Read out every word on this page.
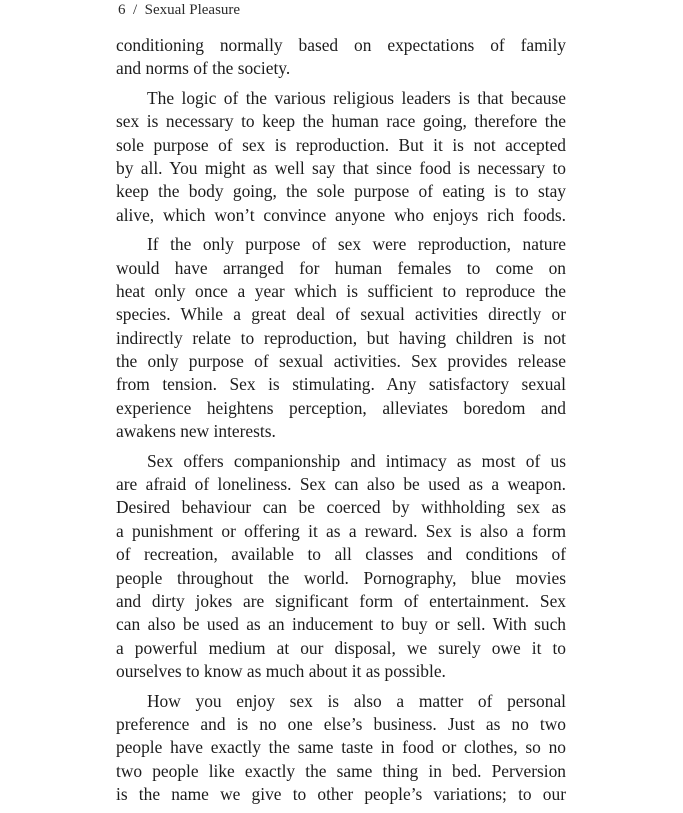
6  /  Sexual Pleasure
conditioning normally based on expectations of family
and norms of the society.
The logic of the various religious leaders is that because
sex is necessary to keep the human race going, therefore the
sole purpose of sex is reproduction. But it is not accepted
by all. You might as well say that since food is necessary to
keep the body going, the sole purpose of eating is to stay
alive, which won’t convince anyone who enjoys rich foods.
If the only purpose of sex were reproduction, nature
would have arranged for human females to come on
heat only once a year which is sufficient to reproduce the
species. While a great deal of sexual activities directly or
indirectly relate to reproduction, but having children is not
the only purpose of sexual activities. Sex provides release
from tension. Sex is stimulating. Any satisfactory sexual
experience heightens perception, alleviates boredom and
awakens new interests.
Sex offers companionship and intimacy as most of us
are afraid of loneliness. Sex can also be used as a weapon.
Desired behaviour can be coerced by withholding sex as
a punishment or offering it as a reward. Sex is also a form
of recreation, available to all classes and conditions of
people throughout the world. Pornography, blue movies
and dirty jokes are significant form of entertainment. Sex
can also be used as an inducement to buy or sell. With such
a powerful medium at our disposal, we surely owe it to
ourselves to know as much about it as possible.
How you enjoy sex is also a matter of personal
preference and is no one else’s business. Just as no two
people have exactly the same taste in food or clothes, so no
two people like exactly the same thing in bed. Perversion
is the name we give to other people’s variations; to our
